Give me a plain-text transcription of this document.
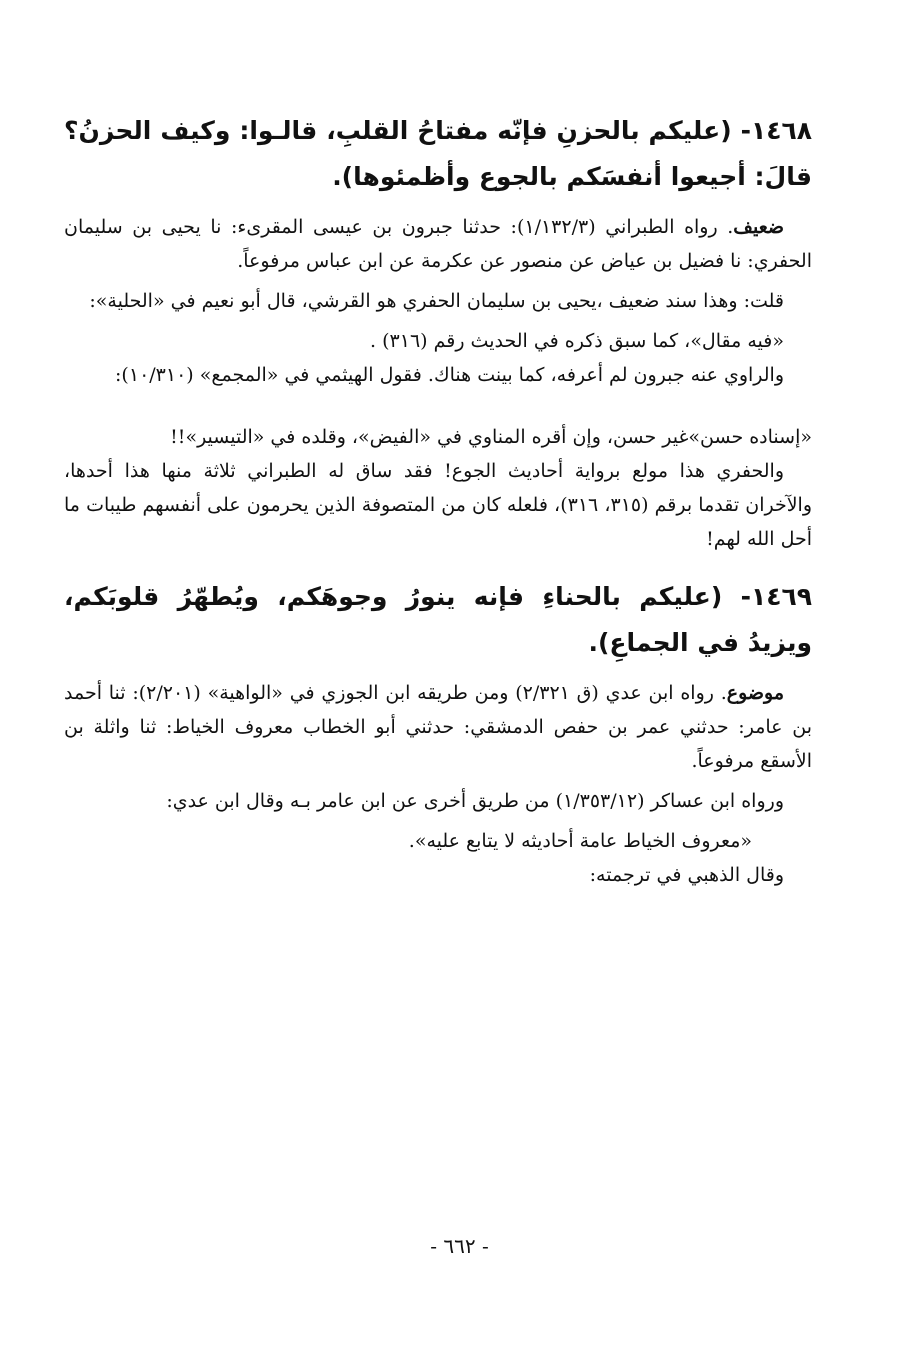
١٤٦٨- (عليكم بالحزنِ فإنّه مفتاحُ القلبِ، قالـوا: وكيف الحزنُ؟ قالَ: أجيعوا أنفسَكم بالجوع وأظمئوها).

ضعيف. رواه الطبراني (١/١٣٢/٣): حدثنا جبرون بن عيسى المقرىء: نا يحيى بن سليمان الحفري: نا فضيل بن عياض عن منصور عن عكرمة عن ابن عباس مرفوعاً.

قلت: وهذا سند ضعيف ،يحيى بن سليمان الحفري هو القرشي، قال أبو نعيم في «الحلية»:

«فيه مقال»، كما سبق ذكره في الحديث رقم (٣١٦) .

والراوي عنه جبرون لم أعرفه، كما بينت هناك. فقول الهيثمي في «المجمع» (١٠/٣١٠):

«إسناده حسن»غير حسن، وإن أقره المناوي في «الفيض»، وقلده في «التيسير»!!

والحفري هذا مولع برواية أحاديث الجوع! فقد ساق له الطبراني ثلاثة منها هذا أحدها، والآخران تقدما برقم (٣١٥، ٣١٦)، فلعله كان من المتصوفة الذين يحرمون على أنفسهم طيبات ما أحل الله لهم!

١٤٦٩- (عليكم بالحناءِ فإنه ينورُ وجوهَكم، ويُطهّرُ قلوبَكم، ويزيدُ في الجماعِ).

موضوع. رواه ابن عدي (ق ٢/٣٢١) ومن طريقه ابن الجوزي في «الواهية» (٢/٢٠١): ثنا أحمد بن عامر: حدثني عمر بن حفص الدمشقي: حدثني أبو الخطاب معروف الخياط: ثنا واثلة بن الأسقع مرفوعاً.

ورواه ابن عساكر (١/٣٥٣/١٢) من طريق أخرى عن ابن عامر بـه وقال ابن عدي:

«معروف الخياط عامة أحاديثه لا يتابع عليه».

وقال الذهبي في ترجمته:

- ٦٦٢ -
